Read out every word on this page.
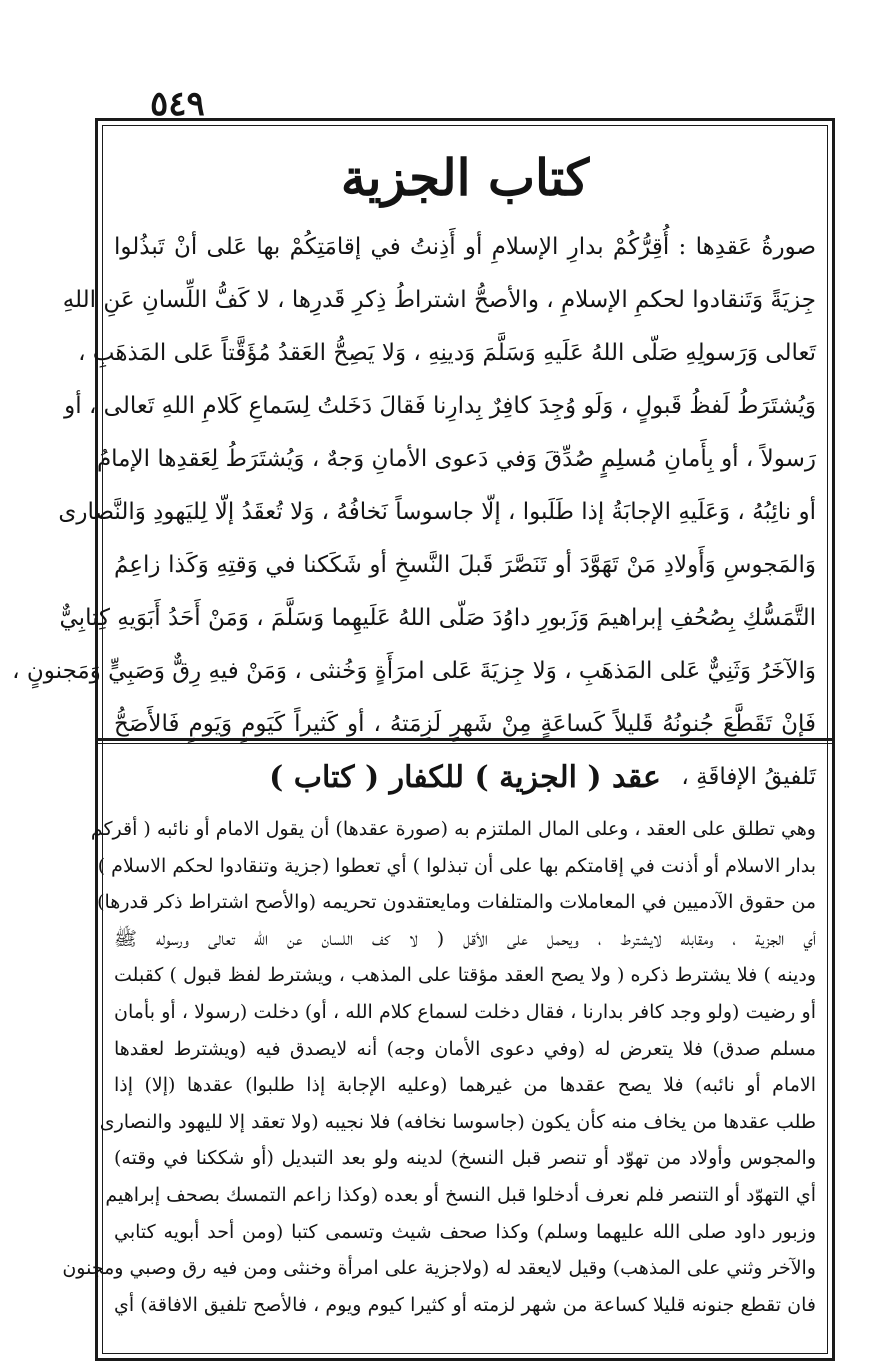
٥٤٩
كتاب الجزية
صورةُ عَقدِها : أُقِرُّكُمْ بدارِ الإسلامِ أو أَذِنتُ في إقامَتِكُمْ بها عَلى أنْ تَبذُلوا
جِزيَةً وَتَنقادوا لحكمِ الإسلامِ ، والأصحُّ اشتراطُ ذِكرِ قَدرِها ، لا كَفُّ اللِّسانِ عَنِ اللهِ
تَعالى وَرَسولِهِ صَلّى اللهُ عَلَيهِ وَسَلَّمَ وَدينِهِ ، وَلا يَصِحُّ العَقدُ مُؤَقَّتاً عَلى المَذهَبِ ،
وَيُشتَرَطُ لَفظُ قَبولٍ ، وَلَو وُجِدَ كافِرٌ بِدارِنا فَقالَ دَخَلتُ لِسَماعِ كَلامِ اللهِ تَعالى ، أو
رَسولاً ، أو بِأَمانِ مُسلِمٍ صُدِّقَ وَفي دَعوى الأمانِ وَجهٌ ، وَيُشتَرَطُ لِعَقدِها الإمامُ
أو نائِبُهُ ، وَعَلَيهِ الإجابَةُ إذا طَلَبوا ، إلّا جاسوساً نَخافُهُ ، وَلا تُعقَدُ إلّا لِليَهودِ وَالنَّصارى
وَالمَجوسِ وَأَولادِ مَنْ تَهَوَّدَ أو تَنَصَّرَ قَبلَ النَّسخِ أو شَكَكنا في وَقتِهِ وَكَذا زاعِمُ
التَّمَسُّكِ بِصُحُفِ إبراهيمَ وَزَبورِ داوُدَ صَلّى اللهُ عَلَيهِما وَسَلَّمَ ، وَمَنْ أَحَدُ أَبَوَيهِ كِتابِيٌّ
وَالآخَرُ وَثَنِيٌّ عَلى المَذهَبِ ، وَلا جِزيَةَ عَلى امرَأَةٍ وَخُنثى ، وَمَنْ فيهِ رِقٌّ وَصَبِيٍّ وَمَجنونٍ ،
فَإِنْ تَقَطَّعَ جُنونُهُ قَليلاً كَساعَةٍ مِنْ شَهرٍ لَزِمَتهُ ، أو كَثيراً كَيَومٍ وَيَومٍ فَالأَصَحُّ
تَلفيقُ الإفاقَةِ ،
( كتاب ) عقد ( الجزية ) للكفار
وهي تطلق على العقد ، وعلى المال الملتزم به (صورة عقدها) أن يقول الامام أو نائبه ( أقركم
بدار الاسلام أو أذنت في إقامتكم بها على أن تبذلوا ) أي تعطوا (جزية وتنقادوا لحكم الاسلام )
من حقوق الآدميين في المعاملات والمتلفات ومايعتقدون تحريمه (والأصح اشتراط ذكر قدرها)
أي الجزية ، ومقابله لايشترط ، ويحمل على الأقل ( لا كف اللسان عن الله تعالى ورسوله ﷺ
ودينه ) فلا يشترط ذكره ( ولا يصح العقد مؤقتا على المذهب ، ويشترط لفظ قبول ) كقبلت
أو رضيت (ولو وجد كافر بدارنا ، فقال دخلت لسماع كلام الله ، أو) دخلت (رسولا ، أو بأمان
مسلم صدق) فلا يتعرض له (وفي دعوى الأمان وجه) أنه لايصدق فيه (ويشترط لعقدها
الامام أو نائبه) فلا يصح عقدها من غيرهما (وعليه الإجابة إذا طلبوا) عقدها (إلا) إذا
طلب عقدها من يخاف منه كأن يكون (جاسوسا نخافه) فلا نجيبه (ولا تعقد إلا لليهود والنصارى
والمجوس وأولاد من تهوّد أو تنصر قبل النسخ) لدينه ولو بعد التبديل (أو شككنا في وقته)
أي التهوّد أو التنصر فلم نعرف أدخلوا قبل النسخ أو بعده (وكذا زاعم التمسك بصحف إبراهيم
وزبور داود صلى الله عليهما وسلم) وكذا صحف شيث وتسمى كتبا (ومن أحد أبويه كتابي
والآخر وثني على المذهب) وقيل لايعقد له (ولاجزية على امرأة وخنثى ومن فيه رق وصبي ومجنون
فان تقطع جنونه قليلا كساعة من شهر لزمته أو كثيرا كيوم ويوم ، فالأصح تلفيق الافاقة) أي
